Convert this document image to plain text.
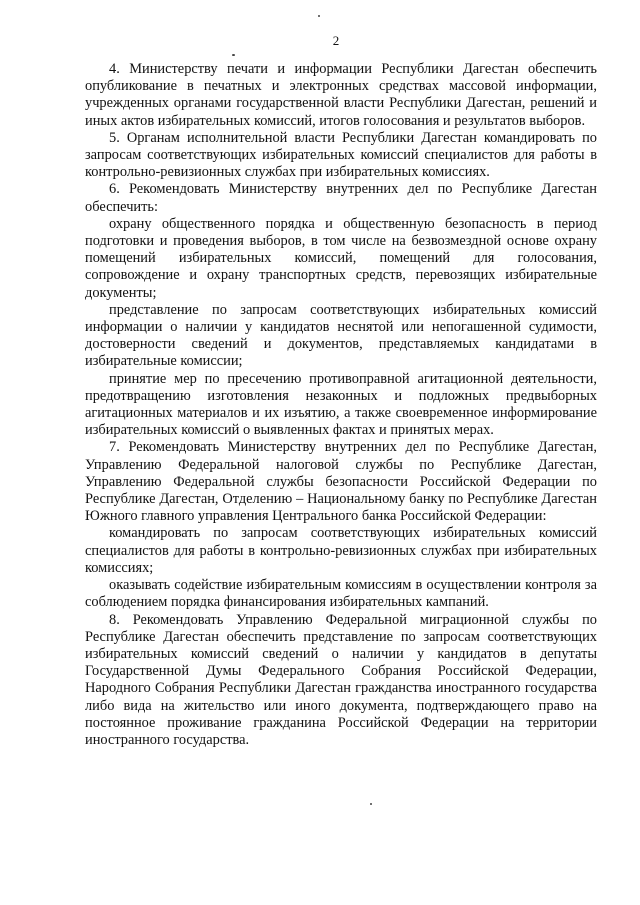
2

4. Министерству печати и информации Республики Дагестан обеспечить опубликование в печатных и электронных средствах массовой информации, учрежденных органами государственной власти Республики Дагестан, решений и иных актов избирательных комиссий, итогов голосования и результатов выборов.

5. Органам исполнительной власти Республики Дагестан командировать по запросам соответствующих избирательных комиссий специалистов для работы в контрольно-ревизионных службах при избирательных комиссиях.

6. Рекомендовать Министерству внутренних дел по Республике Дагестан обеспечить:

охрану общественного порядка и общественную безопасность в период подготовки и проведения выборов, в том числе на безвозмездной основе охрану помещений избирательных комиссий, помещений для голосования, сопровождение и охрану транспортных средств, перевозящих избирательные документы;

представление по запросам соответствующих избирательных комиссий информации о наличии у кандидатов неснятой или непогашенной судимости, достоверности сведений и документов, представляемых кандидатами в избирательные комиссии;

принятие мер по пресечению противоправной агитационной деятельности, предотвращению изготовления незаконных и подложных предвыборных агитационных материалов и их изъятию, а также своевременное информирование избирательных комиссий о выявленных фактах и принятых мерах.

7. Рекомендовать Министерству внутренних дел по Республике Дагестан, Управлению Федеральной налоговой службы по Республике Дагестан, Управлению Федеральной службы безопасности Российской Федерации по Республике Дагестан, Отделению – Национальному банку по Республике Дагестан Южного главного управления Центрального банка Российской Федерации:

командировать по запросам соответствующих избирательных комиссий специалистов для работы в контрольно-ревизионных службах при избирательных комиссиях;

оказывать содействие избирательным комиссиям в осуществлении контроля за соблюдением порядка финансирования избирательных кампаний.

8. Рекомендовать Управлению Федеральной миграционной службы по Республике Дагестан обеспечить представление по запросам соответствующих избирательных комиссий сведений о наличии у кандидатов в депутаты Государственной Думы Федерального Собрания Российской Федерации, Народного Собрания Республики Дагестан гражданства иностранного государства либо вида на жительство или иного документа, подтверждающего право на постоянное проживание гражданина Российской Федерации на территории иностранного государства.
